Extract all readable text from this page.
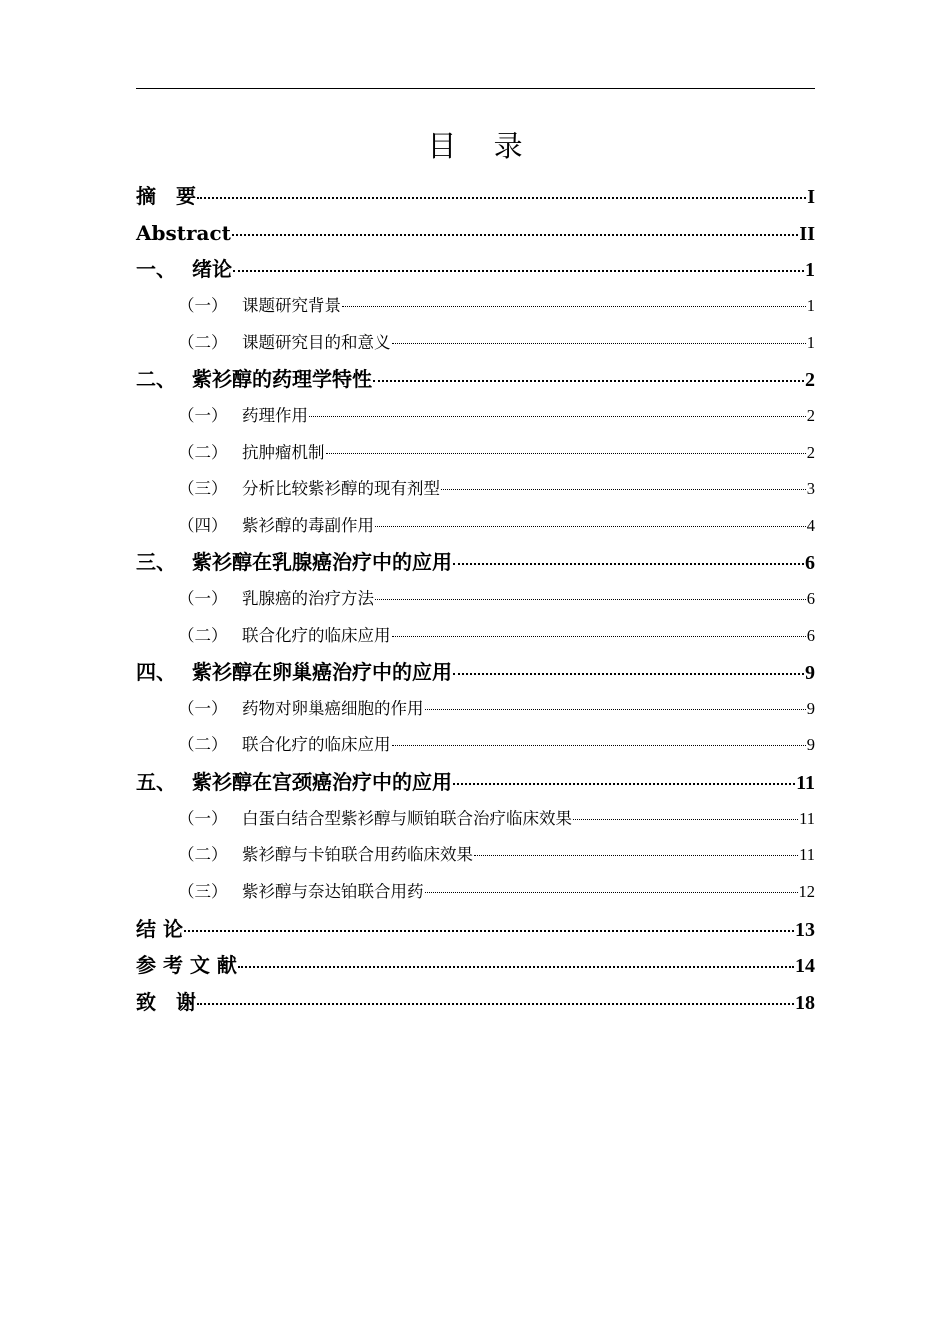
目 录
摘　要	I
Abstract	II
一、 绪论	1
（一） 课题研究背景	1
（二） 课题研究目的和意义	1
二、 紫衫醇的药理学特性	2
（一） 药理作用	2
（二） 抗肿瘤机制	2
（三） 分析比较紫衫醇的现有剂型	3
（四） 紫衫醇的毒副作用	4
三、 紫衫醇在乳腺癌治疗中的应用	6
（一） 乳腺癌的治疗方法	6
（二） 联合化疗的临床应用	6
四、 紫衫醇在卵巢癌治疗中的应用	9
（一） 药物对卵巢癌细胞的作用	9
（二） 联合化疗的临床应用	9
五、 紫衫醇在宫颈癌治疗中的应用	11
（一） 白蛋白结合型紫衫醇与顺铂联合治疗临床效果	11
（二） 紫衫醇与卡铂联合用药临床效果	11
（三） 紫衫醇与奈达铂联合用药	12
结 论	13
参 考 文 献	14
致　谢	18
